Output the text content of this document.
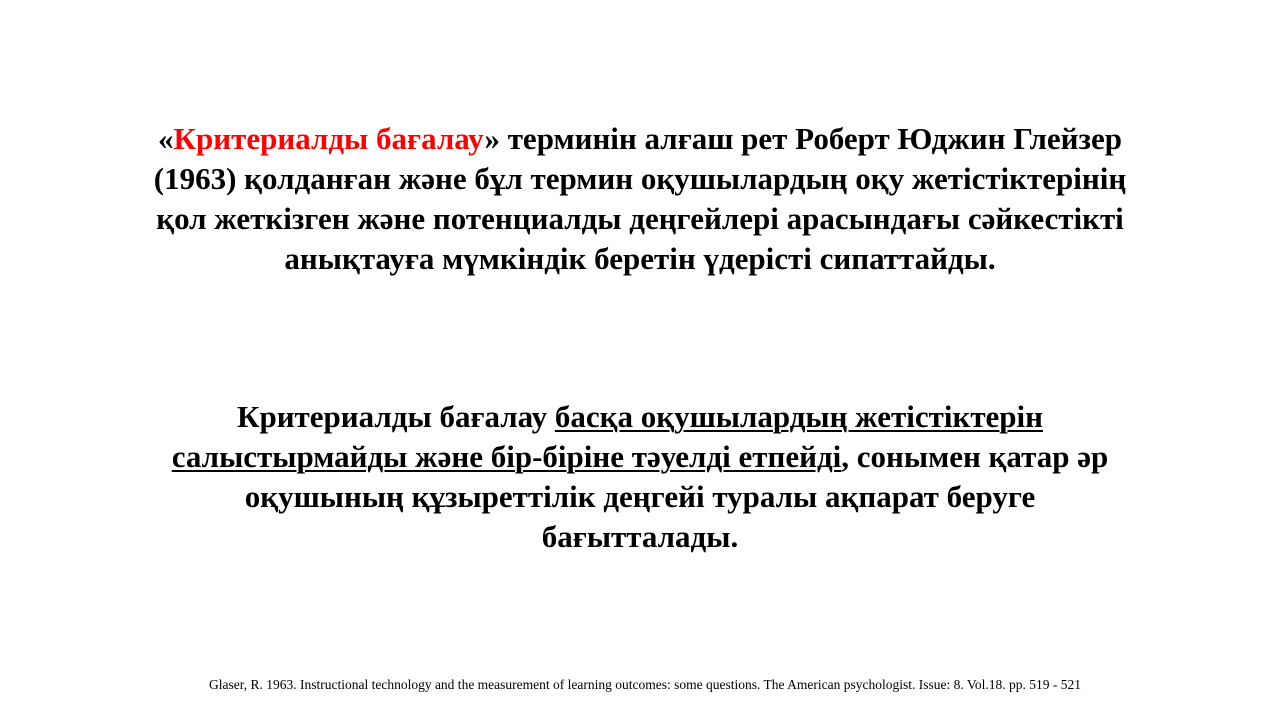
«Критериалды бағалау» терминін алғаш рет Роберт Юджин Глейзер
(1963) қолданған және бұл термин оқушылардың оқу жетістіктерінің
қол жеткізген және потенциалды деңгейлері арасындағы сәйкестікті
анықтауға мүмкіндік беретін үдерісті сипаттайды.
Критериалды бағалау басқа оқушылардың жетістіктерін
салыстырмайды және бір-біріне тәуелді етпейді, сонымен қатар әр
оқушының құзыреттілік деңгейі туралы ақпарат беруге
бағытталады.
Glaser, R. 1963. Instructional technology and the measurement of learning outcomes: some questions. The American psychologist. Issue: 8. Vol.18. pp. 519 - 521
